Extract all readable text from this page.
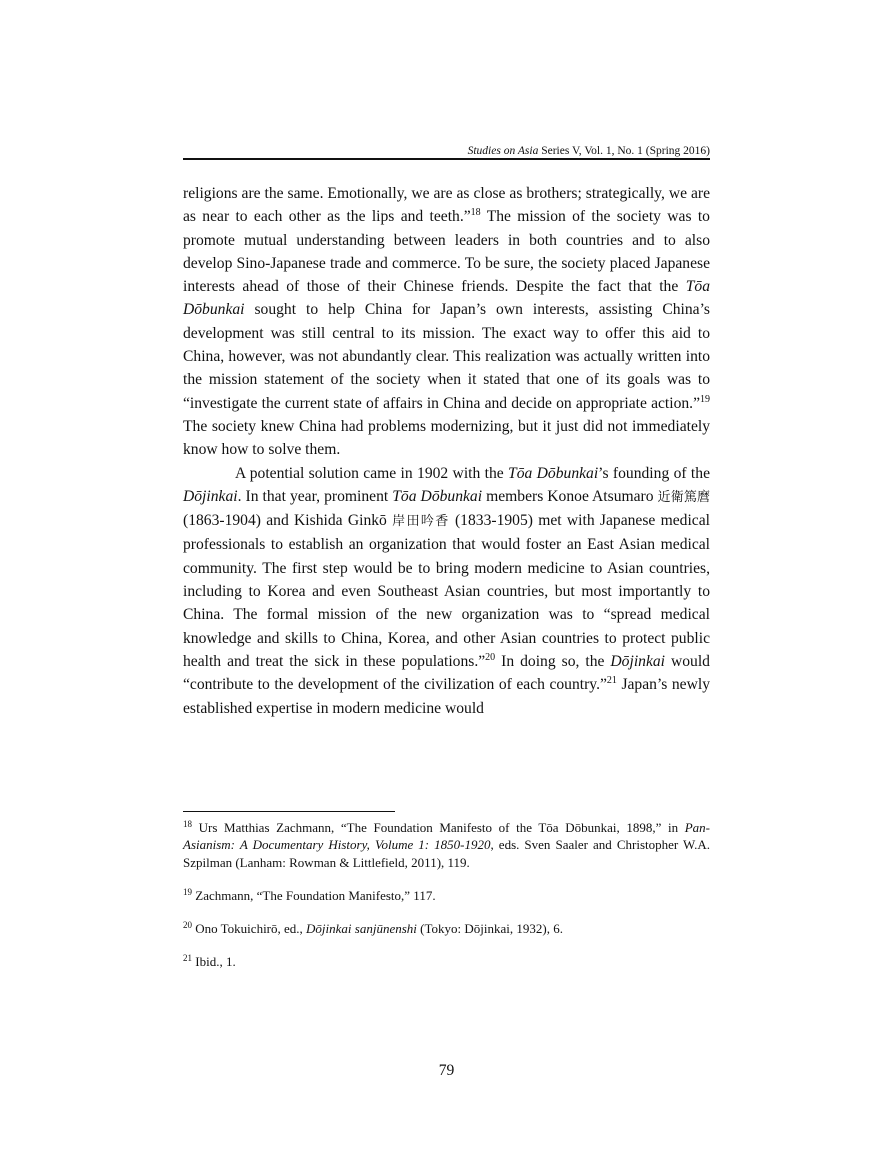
Studies on Asia Series V, Vol. 1, No. 1 (Spring 2016)

religions are the same. Emotionally, we are as close as brothers; strategically, we are as near to each other as the lips and teeth.”$^{18}$ The mission of the society was to promote mutual understanding between leaders in both countries and to also develop Sino-Japanese trade and commerce. To be sure, the society placed Japanese interests ahead of those of their Chinese friends. Despite the fact that the Tōa Dōbunkai sought to help China for Japan’s own interests, assisting China’s development was still central to its mission. The exact way to offer this aid to China, however, was not abundantly clear. This realization was actually written into the mission statement of the society when it stated that one of its goals was to “investigate the current state of affairs in China and decide on appropriate action.”$^{19}$ The society knew China had problems modernizing, but it just did not immediately know how to solve them.

A potential solution came in 1902 with the Tōa Dōbunkai’s founding of the Dōjinkai. In that year, prominent Tōa Dōbunkai members Konoe Atsumaro 近衛篤麿 (1863-1904) and Kishida Ginkō 岸田吟香 (1833-1905) met with Japanese medical professionals to establish an organization that would foster an East Asian medical community. The first step would be to bring modern medicine to Asian countries, including to Korea and even Southeast Asian countries, but most importantly to China. The formal mission of the new organization was to “spread medical knowledge and skills to China, Korea, and other Asian countries to protect public health and treat the sick in these populations.”$^{20}$ In doing so, the Dōjinkai would “contribute to the development of the civilization of each country.”$^{21}$ Japan’s newly established expertise in modern medicine would

$^{18}$ Urs Matthias Zachmann, “The Foundation Manifesto of the Tōa Dōbunkai, 1898,” in Pan-Asianism: A Documentary History, Volume 1: 1850-1920, eds. Sven Saaler and Christopher W.A. Szpilman (Lanham: Rowman & Littlefield, 2011), 119.

$^{19}$ Zachmann, “The Foundation Manifesto,” 117.

$^{20}$ Ono Tokuichirō, ed., Dōjinkai sanjūnenshi (Tokyo: Dōjinkai, 1932), 6.

$^{21}$ Ibid., 1.

79
